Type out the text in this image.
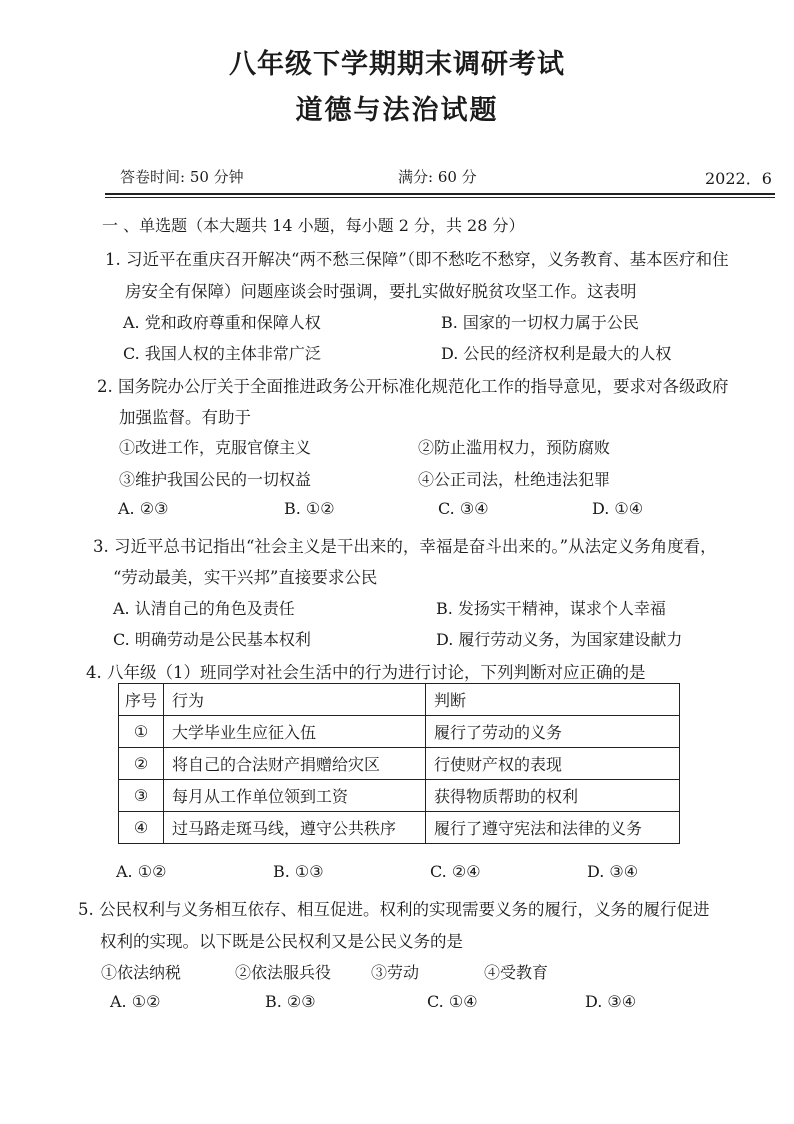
八年级下学期期末调研考试
道德与法治试题
答卷时间: 50 分钟	满分: 60 分	2022．6
一 、单选题（本大题共 14 小题，每小题 2 分，共 28 分）
1. 习近平在重庆召开解决“两不愁三保障”（即不愁吃不愁穿，义务教育、基本医疗和住
房安全有保障）问题座谈会时强调，要扎实做好脱贫攻坚工作。这表明
A. 党和政府尊重和保障人权	B. 国家的一切权力属于公民
C. 我国人权的主体非常广泛	D. 公民的经济权利是最大的人权
2. 国务院办公厅关于全面推进政务公开标准化规范化工作的指导意见，要求对各级政府
加强监督。有助于
①改进工作，克服官僚主义	②防止滥用权力，预防腐败
③维护我国公民的一切权益	④公正司法，杜绝违法犯罪
A. ②③	B. ①②	C. ③④	D. ①④
3. 习近平总书记指出“社会主义是干出来的，幸福是奋斗出来的。”从法定义务角度看，
“劳动最美，实干兴邦”直接要求公民
A. 认清自己的角色及责任	B. 发扬实干精神，谋求个人幸福
C. 明确劳动是公民基本权利	D. 履行劳动义务，为国家建设献力
4. 八年级（1）班同学对社会生活中的行为进行讨论，下列判断对应正确的是
序号	行为	判断
①	大学毕业生应征入伍	履行了劳动的义务
②	将自己的合法财产捐赠给灾区	行使财产权的表现
③	每月从工作单位领到工资	获得物质帮助的权利
④	过马路走斑马线，遵守公共秩序	履行了遵守宪法和法律的义务
A. ①②	B. ①③	C. ②④	D. ③④
5. 公民权利与义务相互依存、相互促进。权利的实现需要义务的履行，义务的履行促进
权利的实现。以下既是公民权利又是公民义务的是
①依法纳税	②依法服兵役 ③劳动	④受教育
A. ①②	B. ②③	C. ①④	D. ③④
